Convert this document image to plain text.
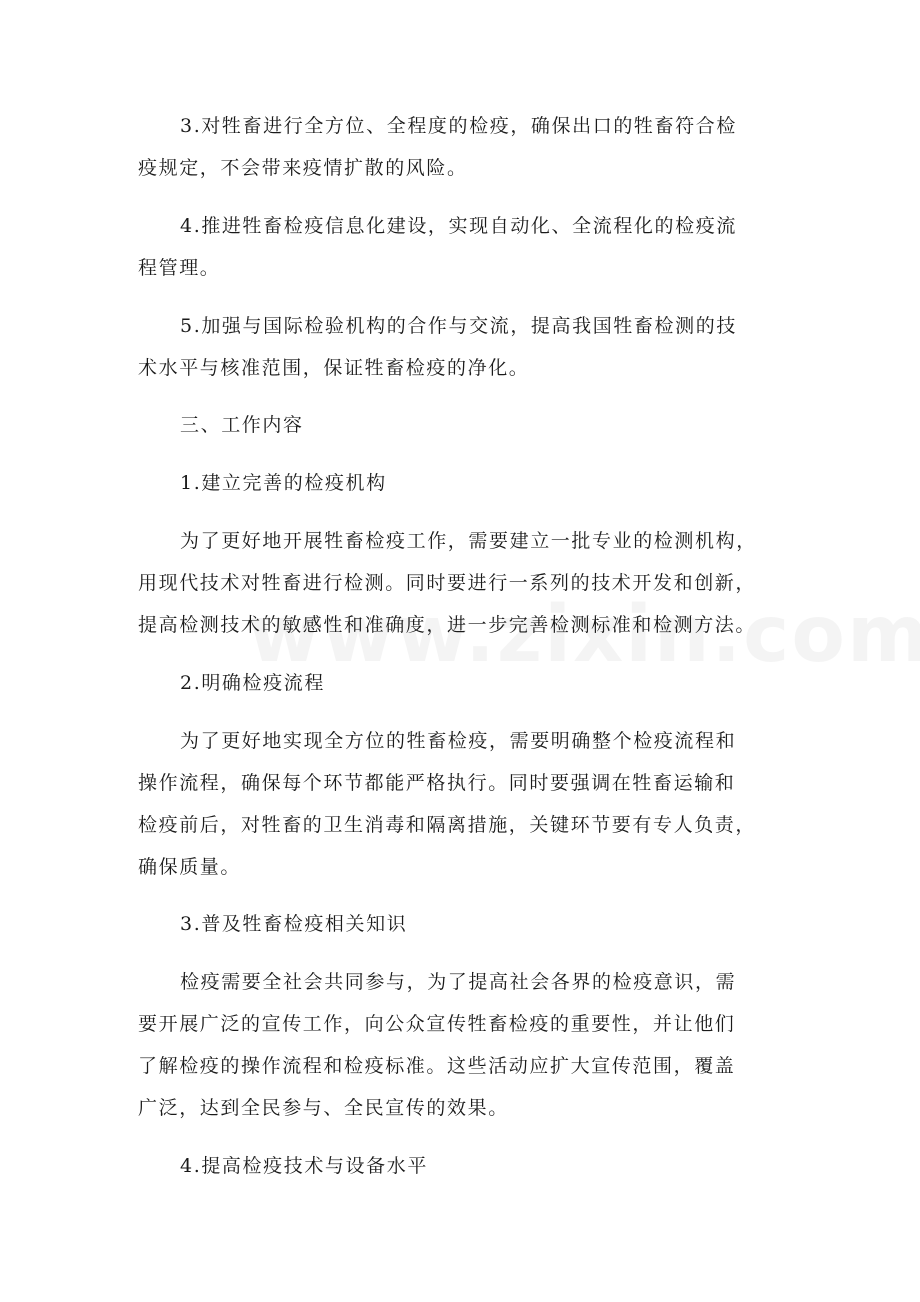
3.对牲畜进行全方位、全程度的检疫，确保出口的牲畜符合检
疫规定，不会带来疫情扩散的风险。
4.推进牲畜检疫信息化建设，实现自动化、全流程化的检疫流
程管理。
5.加强与国际检验机构的合作与交流，提高我国牲畜检测的技
术水平与核准范围，保证牲畜检疫的净化。
三、工作内容
1.建立完善的检疫机构
为了更好地开展牲畜检疫工作，需要建立一批专业的检测机构，
用现代技术对牲畜进行检测。同时要进行一系列的技术开发和创新，
提高检测技术的敏感性和准确度，进一步完善检测标准和检测方法。
2.明确检疫流程
为了更好地实现全方位的牲畜检疫，需要明确整个检疫流程和
操作流程，确保每个环节都能严格执行。同时要强调在牲畜运输和
检疫前后，对牲畜的卫生消毒和隔离措施，关键环节要有专人负责，
确保质量。
3.普及牲畜检疫相关知识
检疫需要全社会共同参与，为了提高社会各界的检疫意识，需
要开展广泛的宣传工作，向公众宣传牲畜检疫的重要性，并让他们
了解检疫的操作流程和检疫标准。这些活动应扩大宣传范围，覆盖
广泛，达到全民参与、全民宣传的效果。
4.提高检疫技术与设备水平
